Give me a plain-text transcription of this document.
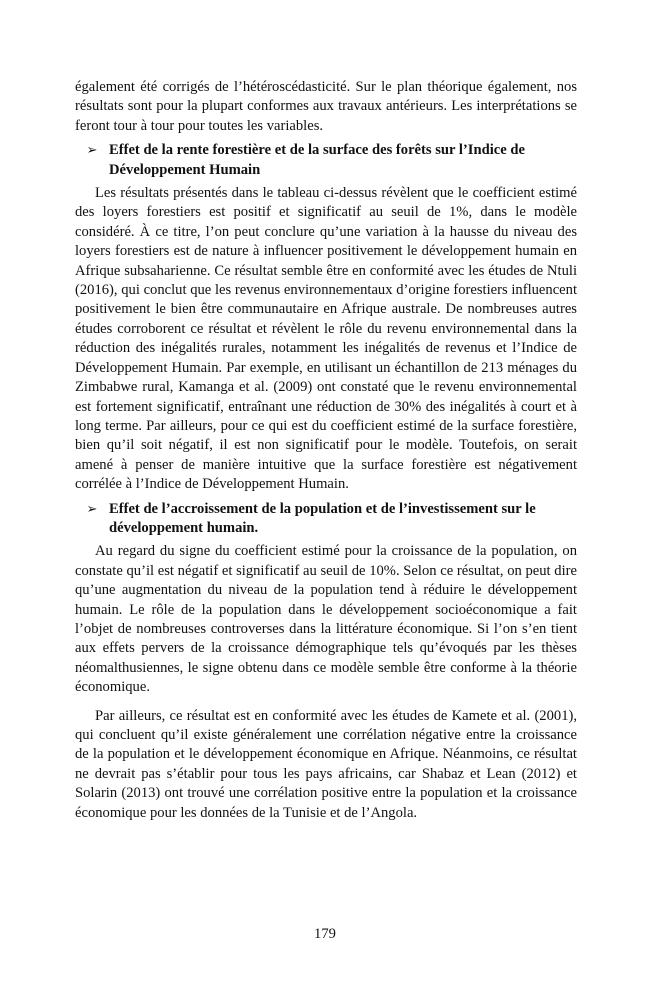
également été corrigés de l’hétéroscédasticité. Sur le plan théorique également, nos résultats sont pour la plupart conformes aux travaux antérieurs. Les interprétations se feront tour à tour pour toutes les variables.

➢ Effet de la rente forestière et de la surface des forêts sur l’Indice de Développement Humain

Les résultats présentés dans le tableau ci-dessus révèlent que le coefficient estimé des loyers forestiers est positif et significatif au seuil de 1%, dans le modèle considéré. À ce titre, l’on peut conclure qu’une variation à la hausse du niveau des loyers forestiers est de nature à influencer positivement le développement humain en Afrique subsaharienne. Ce résultat semble être en conformité avec les études de Ntuli (2016), qui conclut que les revenus environnementaux d’origine forestiers influencent positivement le bien être communautaire en Afrique australe. De nombreuses autres études corroborent ce résultat et révèlent le rôle du revenu environnemental dans la réduction des inégalités rurales, notamment les inégalités de revenus et l’Indice de Développement Humain. Par exemple, en utilisant un échantillon de 213 ménages du Zimbabwe rural, Kamanga et al. (2009) ont constaté que le revenu environnemental est fortement significatif, entraînant une réduction de 30% des inégalités à court et à long terme. Par ailleurs, pour ce qui est du coefficient estimé de la surface forestière, bien qu’il soit négatif, il est non significatif pour le modèle. Toutefois, on serait amené à penser de manière intuitive que la surface forestière est négativement corrélée à l’Indice de Développement Humain.

➢ Effet de l’accroissement de la population et de l’investissement sur le développement humain.

Au regard du signe du coefficient estimé pour la croissance de la population, on constate qu’il est négatif et significatif au seuil de 10%. Selon ce résultat, on peut dire qu’une augmentation du niveau de la population tend à réduire le développement humain. Le rôle de la population dans le développement socioéconomique a fait l’objet de nombreuses controverses dans la littérature économique. Si l’on s’en tient aux effets pervers de la croissance démographique tels qu’évoqués par les thèses néomalthusiennes, le signe obtenu dans ce modèle semble être conforme à la théorie économique.

Par ailleurs, ce résultat est en conformité avec les études de Kamete et al. (2001), qui concluent qu’il existe généralement une corrélation négative entre la croissance de la population et le développement économique en Afrique. Néanmoins, ce résultat ne devrait pas s’établir pour tous les pays africains, car Shabaz et Lean (2012) et Solarin (2013) ont trouvé une corrélation positive entre la population et la croissance économique pour les données de la Tunisie et de l’Angola.

179
